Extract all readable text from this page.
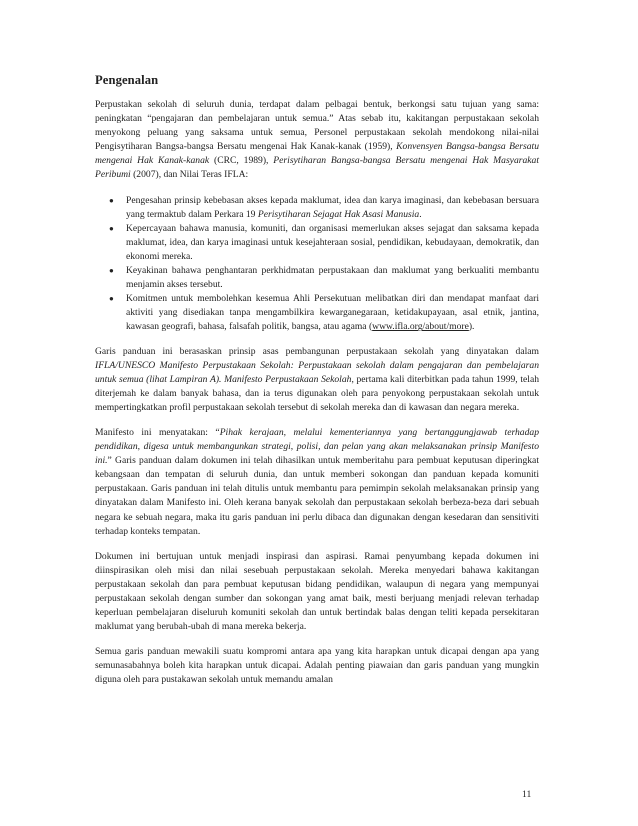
Pengenalan

Perpustakan sekolah di seluruh dunia, terdapat dalam pelbagai bentuk, berkongsi satu tujuan yang sama: peningkatan “pengajaran dan pembelajaran untuk semua.” Atas sebab itu, kakitangan perpustakaan sekolah menyokong peluang yang saksama untuk semua, Personel perpustakaan sekolah mendokong nilai-nilai Pengisytiharan Bangsa-bangsa Bersatu mengenai Hak Kanak-kanak (1959), Konvensyen Bangsa-bangsa Bersatu mengenai Hak Kanak-kanak (CRC, 1989), Perisytiharan Bangsa-bangsa Bersatu mengenai Hak Masyarakat Peribumi (2007), dan Nilai Teras IFLA:

● Pengesahan prinsip kebebasan akses kepada maklumat, idea dan karya imaginasi, dan kebebasan bersuara yang termaktub dalam Perkara 19 Perisytiharan Sejagat Hak Asasi Manusia.
● Kepercayaan bahawa manusia, komuniti, dan organisasi memerlukan akses sejagat dan saksama kepada maklumat, idea, dan karya imaginasi untuk kesejahteraan sosial, pendidikan, kebudayaan, demokratik, dan ekonomi mereka.
● Keyakinan bahawa penghantaran perkhidmatan perpustakaan dan maklumat yang berkualiti membantu menjamin akses tersebut.
● Komitmen untuk membolehkan kesemua Ahli Persekutuan melibatkan diri dan mendapat manfaat dari aktiviti yang disediakan tanpa mengambilkira kewarganegaraan, ketidakupayaan, asal etnik, jantina, kawasan geografi, bahasa, falsafah politik, bangsa, atau agama (www.ifla.org/about/more).

Garis panduan ini berasaskan prinsip asas pembangunan perpustakaan sekolah yang dinyatakan dalam IFLA/UNESCO Manifesto Perpustakaan Sekolah: Perpustakaan sekolah dalam pengajaran dan pembelajaran untuk semua (lihat Lampiran A). Manifesto Perpustakaan Sekolah, pertama kali diterbitkan pada tahun 1999, telah diterjemah ke dalam banyak bahasa, dan ia terus digunakan oleh para penyokong perpustakaan sekolah untuk mempertingkatkan profil perpustakaan sekolah tersebut di sekolah mereka dan di kawasan dan negara mereka.

Manifesto ini menyatakan: “Pihak kerajaan, melalui kementeriannya yang bertanggungjawab terhadap pendidikan, digesa untuk membangunkan strategi, polisi, dan pelan yang akan melaksanakan prinsip Manifesto ini.” Garis panduan dalam dokumen ini telah dihasilkan untuk memberitahu para pembuat keputusan diperingkat kebangsaan dan tempatan di seluruh dunia, dan untuk memberi sokongan dan panduan kepada komuniti perpustakaan. Garis panduan ini telah ditulis untuk membantu para pemimpin sekolah melaksanakan prinsip yang dinyatakan dalam Manifesto ini. Oleh kerana banyak sekolah dan perpustakaan sekolah berbeza-beza dari sebuah negara ke sebuah negara, maka itu garis panduan ini perlu dibaca dan digunakan dengan kesedaran dan sensitiviti terhadap konteks tempatan.

Dokumen ini bertujuan untuk menjadi inspirasi dan aspirasi. Ramai penyumbang kepada dokumen ini diinspirasikan oleh misi dan nilai sesebuah perpustakaan sekolah. Mereka menyedari bahawa kakitangan perpustakaan sekolah dan para pembuat keputusan bidang pendidikan, walaupun di negara yang mempunyai perpustakaan sekolah dengan sumber dan sokongan yang amat baik, mesti berjuang menjadi relevan terhadap keperluan pembelajaran diseluruh komuniti sekolah dan untuk bertindak balas dengan teliti kepada persekitaran maklumat yang berubah-ubah di mana mereka bekerja.

Semua garis panduan mewakili suatu kompromi antara apa yang kita harapkan untuk dicapai dengan apa yang semunasabahnya boleh kita harapkan untuk dicapai. Adalah penting piawaian dan garis panduan yang mungkin diguna oleh para pustakawan sekolah untuk memandu amalan

11
